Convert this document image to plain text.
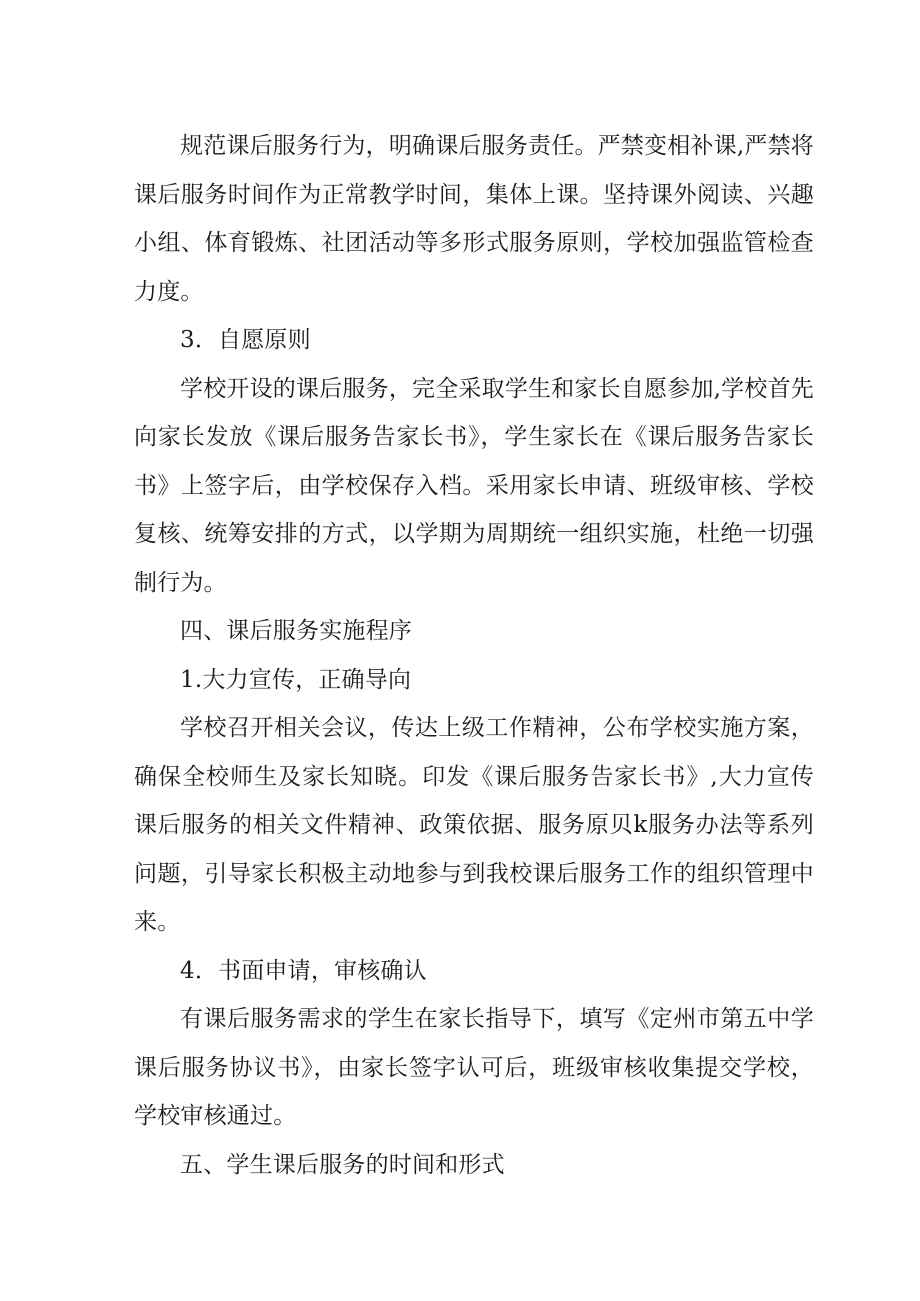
规范课后服务行为，明确课后服务责任。严禁变相补课,严禁将课后服务时间作为正常教学时间，集体上课。坚持课外阅读、兴趣小组、体育锻炼、社团活动等多形式服务原则，学校加强监管检查力度。

3．自愿原则

学校开设的课后服务，完全采取学生和家长自愿参加,学校首先向家长发放《课后服务告家长书》，学生家长在《课后服务告家长书》上签字后，由学校保存入档。采用家长申请、班级审核、学校复核、统筹安排的方式，以学期为周期统一组织实施，杜绝一切强制行为。

四、课后服务实施程序

1.大力宣传，正确导向

学校召开相关会议，传达上级工作精神，公布学校实施方案，确保全校师生及家长知晓。印发《课后服务告家长书》,大力宣传课后服务的相关文件精神、政策依据、服务原贝k服务办法等系列问题，引导家长积极主动地参与到我校课后服务工作的组织管理中来。

4．书面申请，审核确认

有课后服务需求的学生在家长指导下，填写《定州市第五中学课后服务协议书》，由家长签字认可后，班级审核收集提交学校，学校审核通过。

五、学生课后服务的时间和形式
